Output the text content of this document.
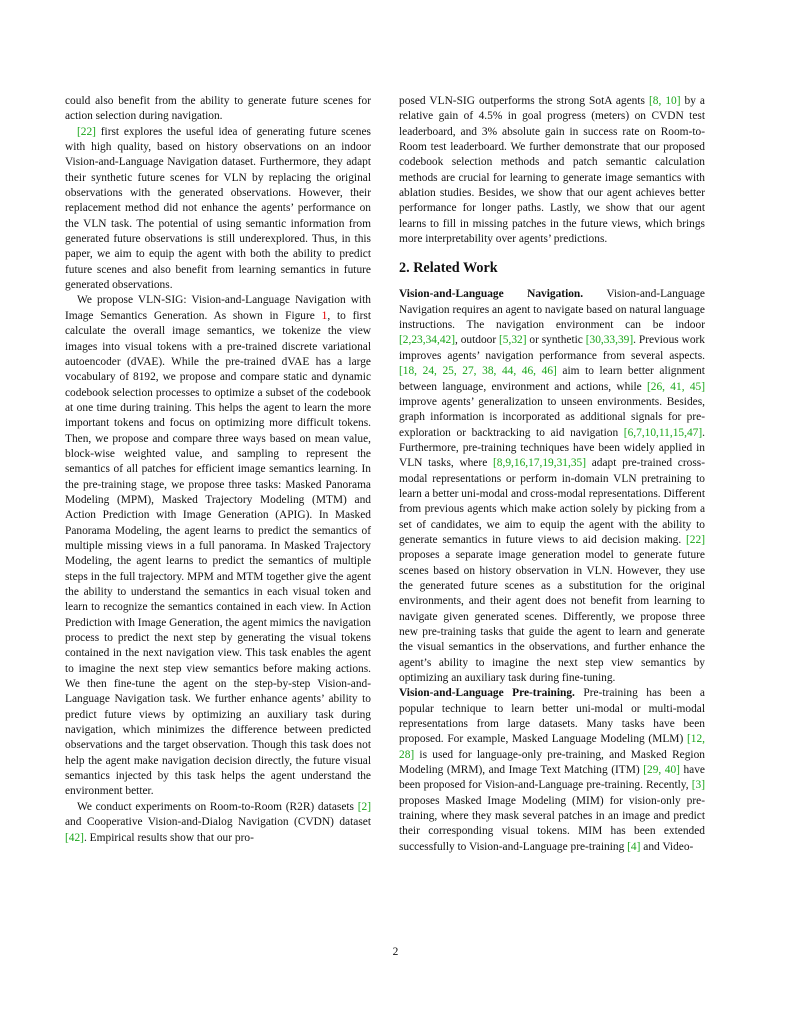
could also benefit from the ability to generate future scenes for action selection during navigation.

[22] first explores the useful idea of generating future scenes with high quality, based on history observations on an indoor Vision-and-Language Navigation dataset. Furthermore, they adapt their synthetic future scenes for VLN by replacing the original observations with the generated observations. However, their replacement method did not enhance the agents’ performance on the VLN task. The potential of using semantic information from generated future observations is still underexplored. Thus, in this paper, we aim to equip the agent with both the ability to predict future scenes and also benefit from learning semantics in future generated observations.

We propose VLN-SIG: Vision-and-Language Navigation with Image Semantics Generation. As shown in Figure 1, to first calculate the overall image semantics, we tokenize the view images into visual tokens with a pre-trained discrete variational autoencoder (dVAE). While the pre-trained dVAE has a large vocabulary of 8192, we propose and compare static and dynamic codebook selection processes to optimize a subset of the codebook at one time during training. This helps the agent to learn the more important tokens and focus on optimizing more difficult tokens. Then, we propose and compare three ways based on mean value, block-wise weighted value, and sampling to represent the semantics of all patches for efficient image semantics learning. In the pre-training stage, we propose three tasks: Masked Panorama Modeling (MPM), Masked Trajectory Modeling (MTM) and Action Prediction with Image Generation (APIG). In Masked Panorama Modeling, the agent learns to predict the semantics of multiple missing views in a full panorama. In Masked Trajectory Modeling, the agent learns to predict the semantics of multiple steps in the full trajectory. MPM and MTM together give the agent the ability to understand the semantics in each visual token and learn to recognize the semantics contained in each view. In Action Prediction with Image Generation, the agent mimics the navigation process to predict the next step by generating the visual tokens contained in the next navigation view. This task enables the agent to imagine the next step view semantics before making actions. We then fine-tune the agent on the step-by-step Vision-and-Language Navigation task. We further enhance agents’ ability to predict future views by optimizing an auxiliary task during navigation, which minimizes the difference between predicted observations and the target observation. Though this task does not help the agent make navigation decision directly, the future visual semantics injected by this task helps the agent understand the environment better.

We conduct experiments on Room-to-Room (R2R) datasets [2] and Cooperative Vision-and-Dialog Navigation (CVDN) dataset [42]. Empirical results show that our pro-

posed VLN-SIG outperforms the strong SotA agents [8, 10] by a relative gain of 4.5% in goal progress (meters) on CVDN test leaderboard, and 3% absolute gain in success rate on Room-to-Room test leaderboard. We further demonstrate that our proposed codebook selection methods and patch semantic calculation methods are crucial for learning to generate image semantics with ablation studies. Besides, we show that our agent achieves better performance for longer paths. Lastly, we show that our agent learns to fill in missing patches in the future views, which brings more interpretability over agents’ predictions.

2. Related Work

Vision-and-Language Navigation. Vision-and-Language Navigation requires an agent to navigate based on natural language instructions. The navigation environment can be indoor [2,23,34,42], outdoor [5,32] or synthetic [30,33,39]. Previous work improves agents’ navigation performance from several aspects. [18, 24, 25, 27, 38, 44, 46, 46] aim to learn better alignment between language, environment and actions, while [26, 41, 45] improve agents’ generalization to unseen environments. Besides, graph information is incorporated as additional signals for pre-exploration or backtracking to aid navigation [6,7,10,11,15,47]. Furthermore, pre-training techniques have been widely applied in VLN tasks, where [8,9,16,17,19,31,35] adapt pre-trained cross-modal representations or perform in-domain VLN pretraining to learn a better uni-modal and cross-modal representations. Different from previous agents which make action solely by picking from a set of candidates, we aim to equip the agent with the ability to generate semantics in future views to aid decision making. [22] proposes a separate image generation model to generate future scenes based on history observation in VLN. However, they use the generated future scenes as a substitution for the original environments, and their agent does not benefit from learning to navigate given generated scenes. Differently, we propose three new pre-training tasks that guide the agent to learn and generate the visual semantics in the observations, and further enhance the agent’s ability to imagine the next step view semantics by optimizing an auxiliary task during fine-tuning.

Vision-and-Language Pre-training. Pre-training has been a popular technique to learn better uni-modal or multi-modal representations from large datasets. Many tasks have been proposed. For example, Masked Language Modeling (MLM) [12, 28] is used for language-only pre-training, and Masked Region Modeling (MRM), and Image Text Matching (ITM) [29, 40] have been proposed for Vision-and-Language pre-training. Recently, [3] proposes Masked Image Modeling (MIM) for vision-only pre-training, where they mask several patches in an image and predict their corresponding visual tokens. MIM has been extended successfully to Vision-and-Language pre-training [4] and Video-

2
